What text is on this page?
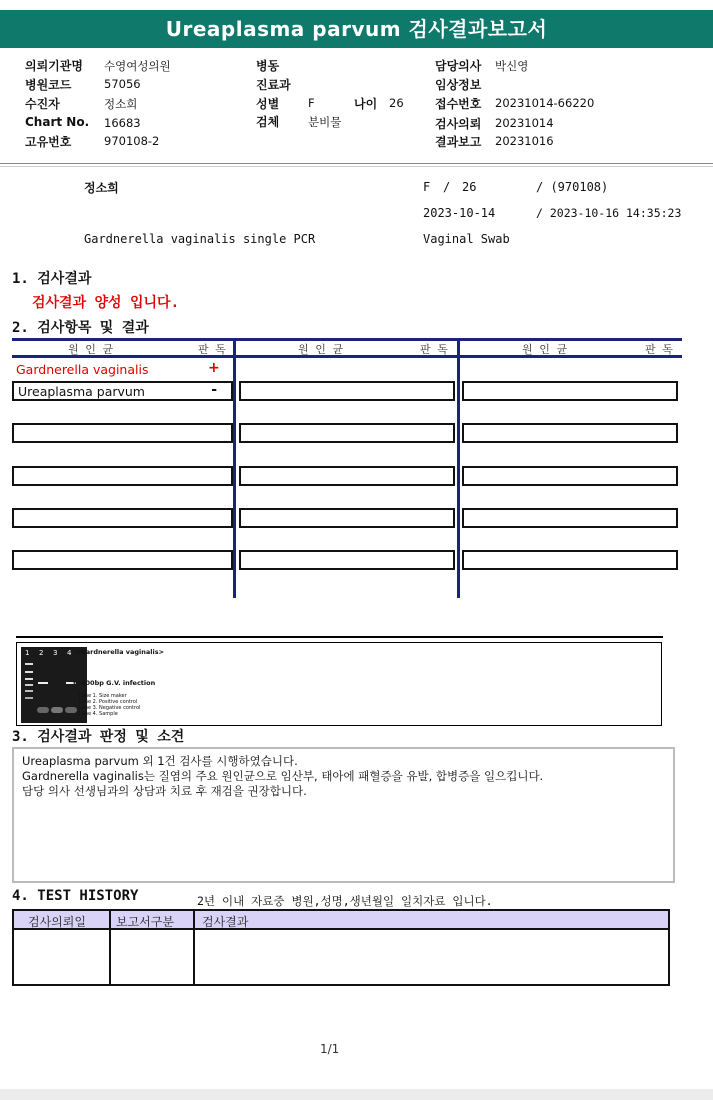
Ureaplasma parvum 검사결과보고서
의뢰기관명 수영여성의원
병원코드	57056
수진자	정소희
Chart No. 16683
고유번호	970108-2
병동
진료과
성별	F	나이 26
검체	분비물
담당의사 박신영
임상정보
접수번호 20231014-66220
검사의뢰 20231014
결과보고 20231016
정소희	F / 26	/ (970108)
2023-10-14	/ 2023-10-16 14:35:23
Gardnerella vaginalis single PCR	Vaginal Swab
1. 검사결과
검사결과 양성 입니다.
2. 검사항목 및 결과
원 인 균	판 독	원 인 균	판 독	원 인 균	판 독
Gardnerella vaginalis	+
Ureaplasma parvum	-
1 2 3 4 <Gardnerella vaginalis>
← 600bp G.V. infection
Lane 1. Size maker
Lane 2. Positive control
Lane 3. Negative control
Lane 4. Sample
3. 검사결과 판정 및 소견
Ureaplasma parvum 외 1건 검사를 시행하였습니다.
Gardnerella vaginalis는 질염의 주요 원인균으로 임산부, 태아에 패혈증을 유발, 합병증을 일으킵니다.
담당 의사 선생님과의 상담과 치료 후 재검을 권장합니다.
4. TEST HISTORY	2년 이내 자료중 병원,성명,생년월일 일치자료 입니다.
검사의뢰일	보고서구분 검사결과
1/1
